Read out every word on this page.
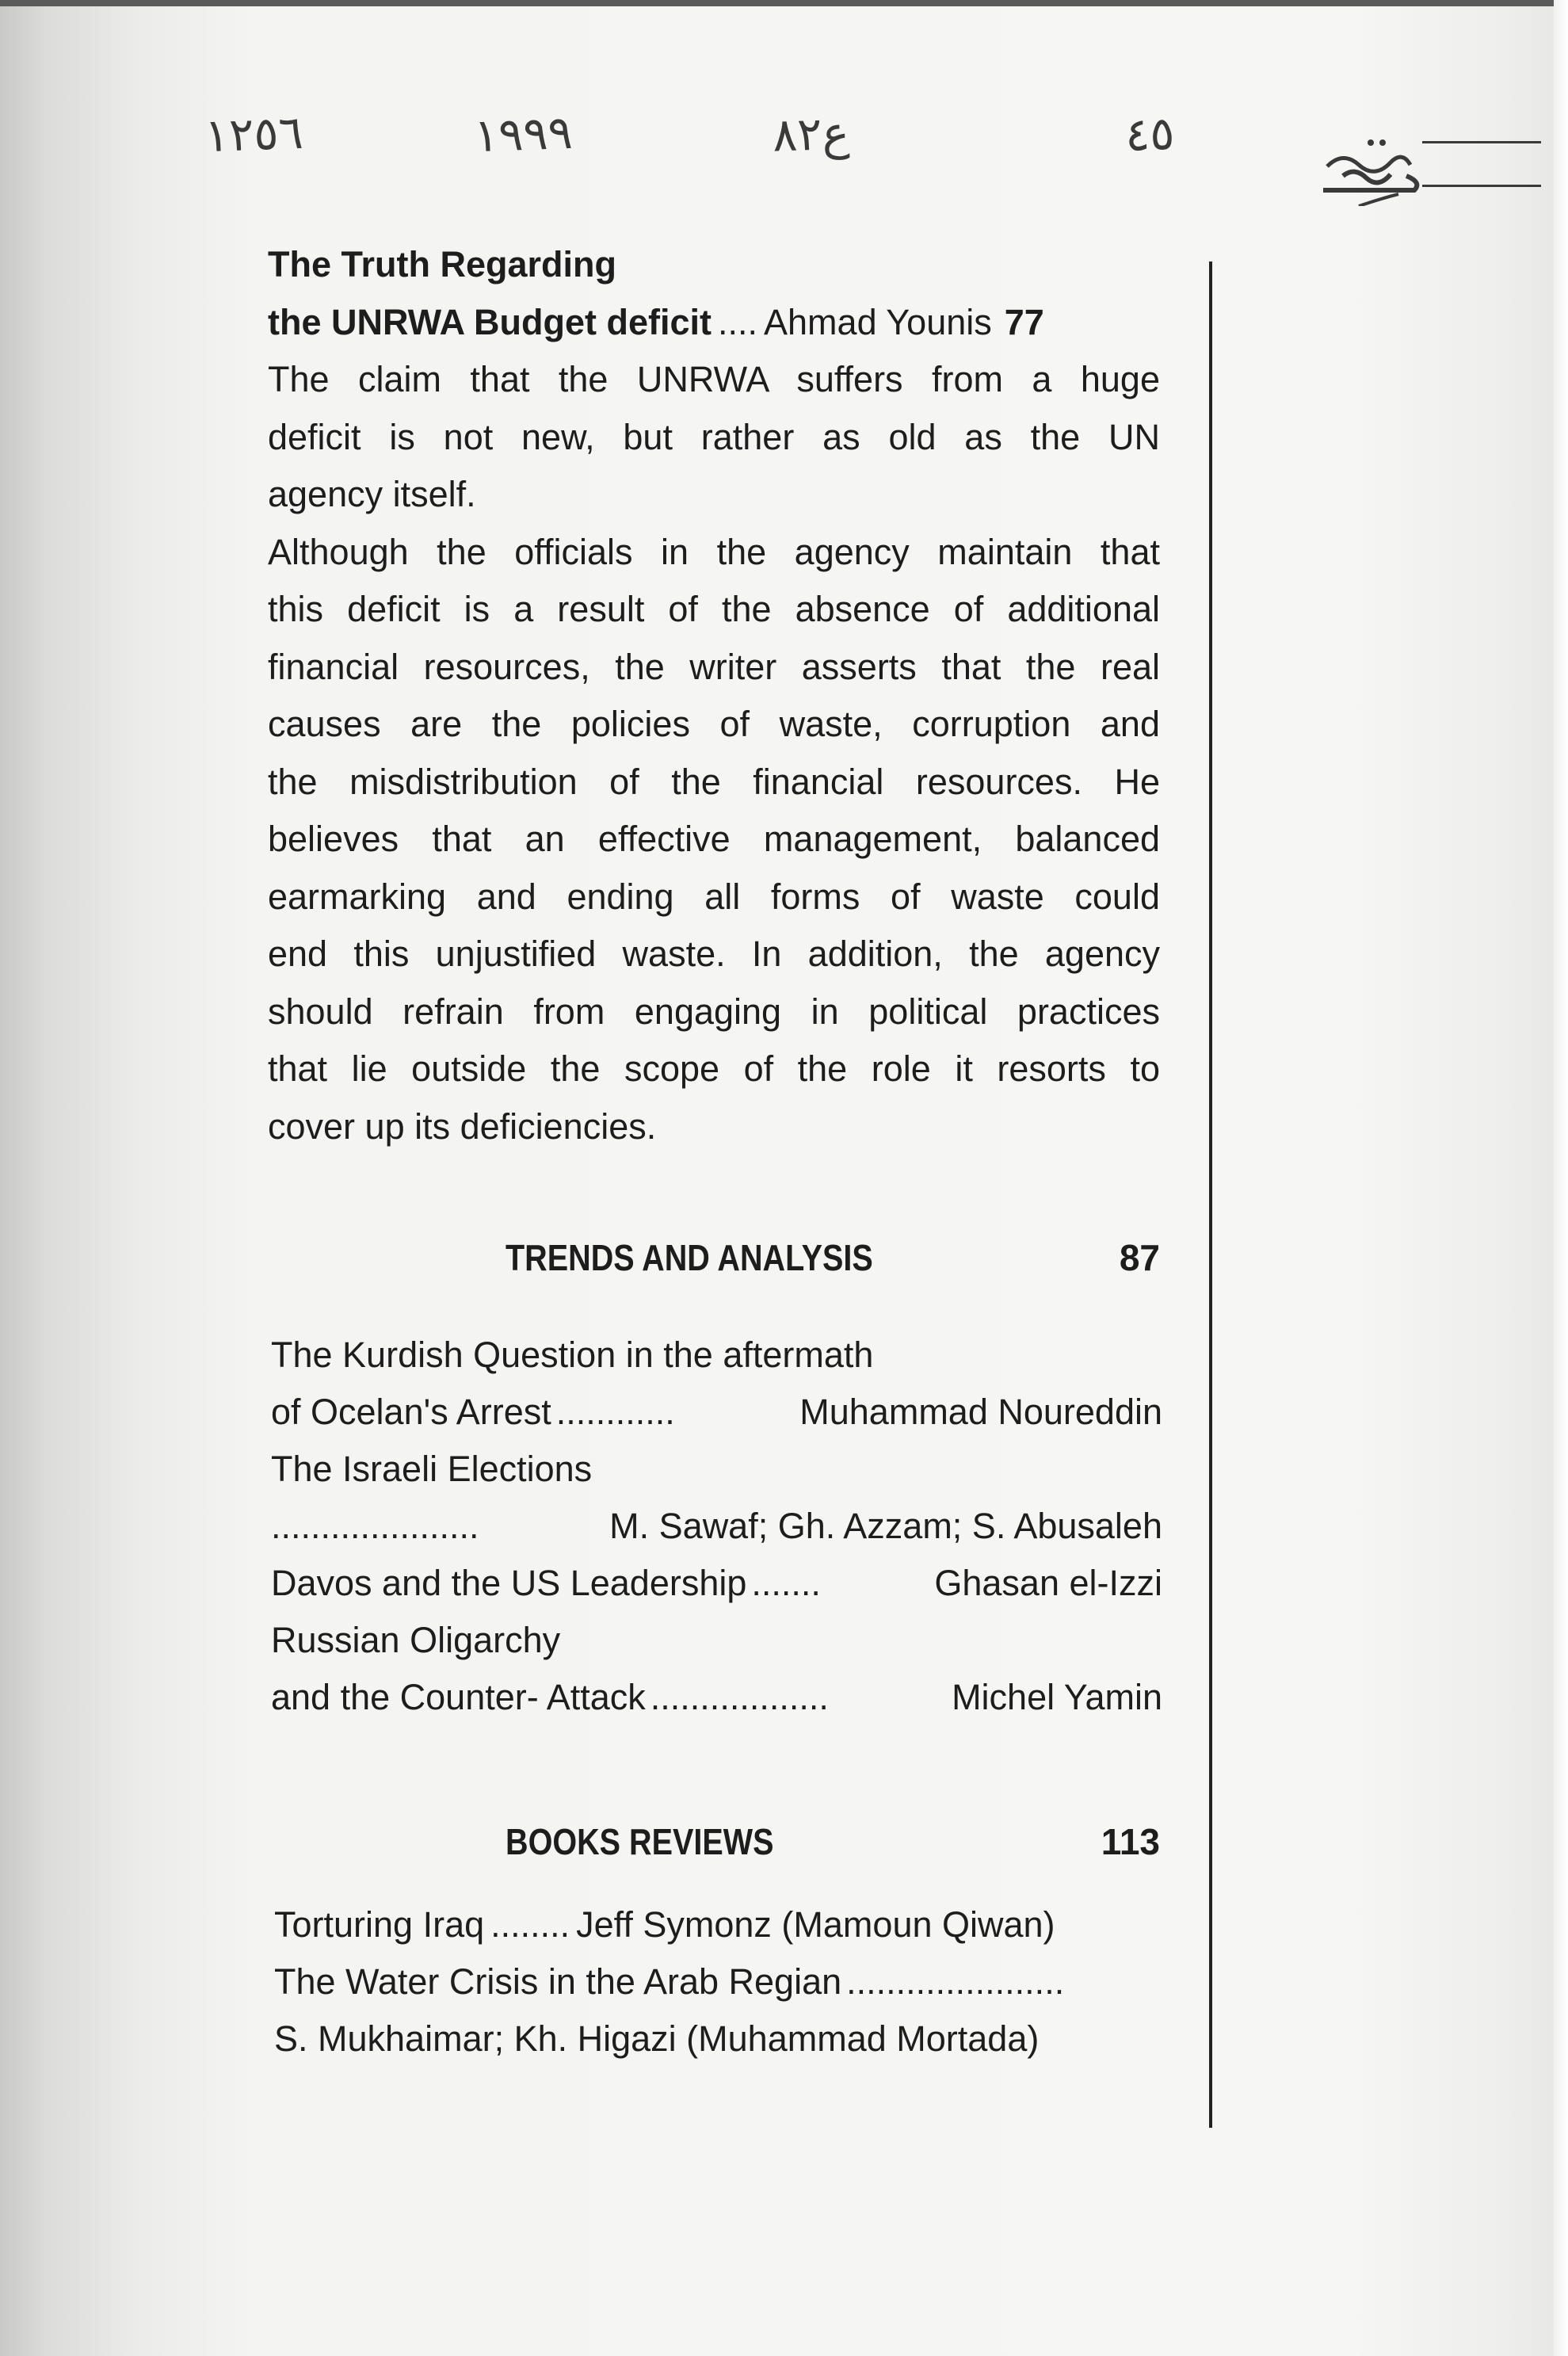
١٢٥٦	١٩٩٩	ع٨٢	٤٥
The Truth Regarding
the UNRWA Budget deficit .... Ahmad Younis 77
The claim that the UNRWA suffers from a huge
deficit is not new, but rather as old as the UN
agency itself.
Although the officials in the agency maintain that
this deficit is a result of the absence of additional
financial resources, the writer asserts that the real
causes are the policies of waste, corruption and
the misdistribution of the financial resources. He
believes that an effective management, balanced
earmarking and ending all forms of waste could
end this unjustified waste. In addition, the agency
should refrain from engaging in political practices
that lie outside the scope of the role it resorts to
cover up its deficiencies.
TRENDS AND ANALYSIS	87
The Kurdish Question in the aftermath
of Ocelan's Arrest ............	Muhammad Noureddin
The Israeli Elections
.....................	M. Sawaf; Gh. Azzam; S. Abusaleh
Davos and the US Leadership .......	Ghasan el-Izzi
Russian Oligarchy
and the Counter- Attack ..................	Michel Yamin
BOOKS REVIEWS	113
Torturing Iraq ........ Jeff Symonz (Mamoun Qiwan)
The Water Crisis in the Arab Regian ......................
S. Mukhaimar; Kh. Higazi (Muhammad Mortada)
